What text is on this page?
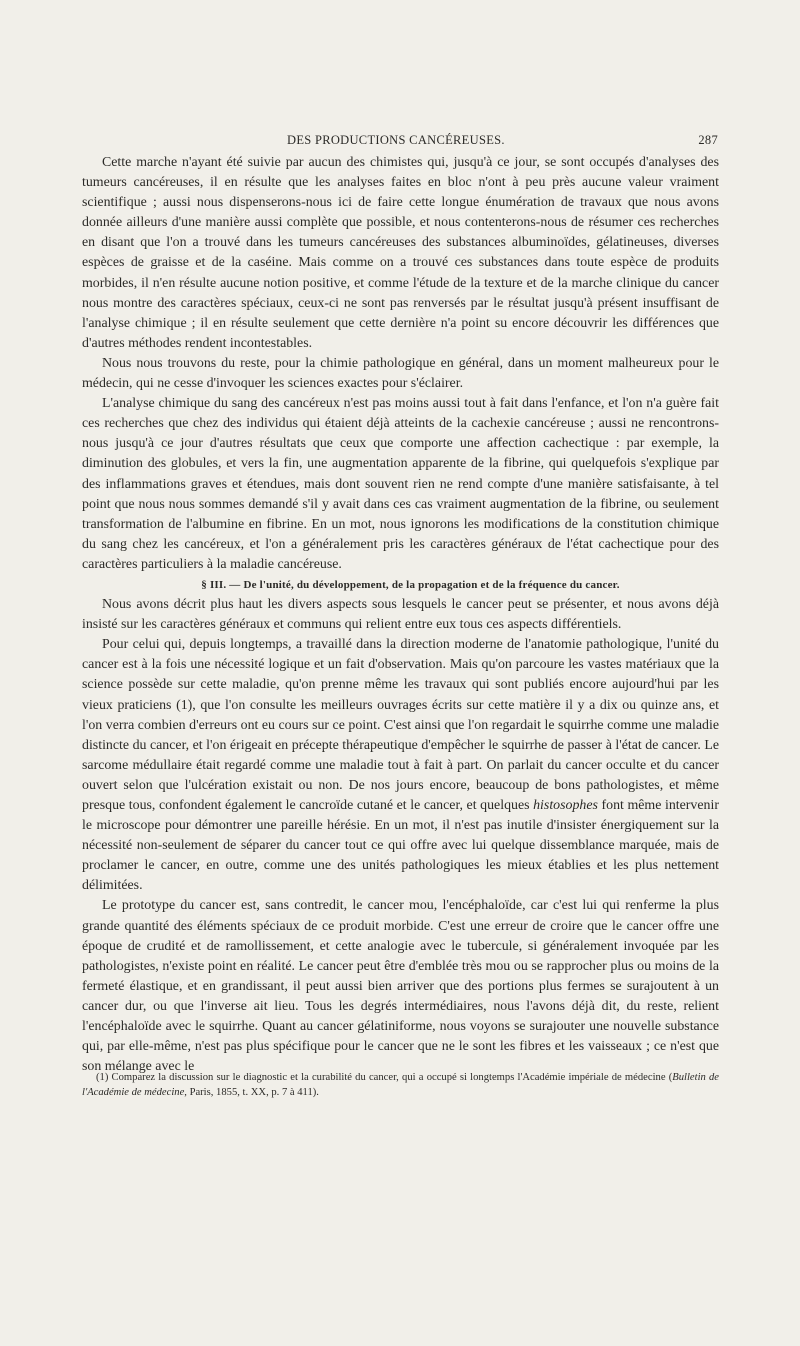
DES PRODUCTIONS CANCÉREUSES.	287

Cette marche n'ayant été suivie par aucun des chimistes qui, jusqu'à ce jour, se sont occupés d'analyses des tumeurs cancéreuses, il en résulte que les analyses faites en bloc n'ont à peu près aucune valeur vraiment scientifique ; aussi nous dispenserons-nous ici de faire cette longue énumération de travaux que nous avons donnée ailleurs d'une manière aussi complète que possible, et nous contenterons-nous de résumer ces recherches en disant que l'on a trouvé dans les tumeurs cancéreuses des substances albuminoïdes, gélatineuses, diverses espèces de graisse et de la caséine. Mais comme on a trouvé ces substances dans toute espèce de produits morbides, il n'en résulte aucune notion positive, et comme l'étude de la texture et de la marche clinique du cancer nous montre des caractères spéciaux, ceux-ci ne sont pas renversés par le résultat jusqu'à présent insuffisant de l'analyse chimique ; il en résulte seulement que cette dernière n'a point su encore découvrir les différences que d'autres méthodes rendent incontestables.

Nous nous trouvons du reste, pour la chimie pathologique en général, dans un moment malheureux pour le médecin, qui ne cesse d'invoquer les sciences exactes pour s'éclairer.

L'analyse chimique du sang des cancéreux n'est pas moins aussi tout à fait dans l'enfance, et l'on n'a guère fait ces recherches que chez des individus qui étaient déjà atteints de la cachexie cancéreuse ; aussi ne rencontrons-nous jusqu'à ce jour d'autres résultats que ceux que comporte une affection cachectique : par exemple, la diminution des globules, et vers la fin, une augmentation apparente de la fibrine, qui quelquefois s'explique par des inflammations graves et étendues, mais dont souvent rien ne rend compte d'une manière satisfaisante, à tel point que nous nous sommes demandé s'il y avait dans ces cas vraiment augmentation de la fibrine, ou seulement transformation de l'albumine en fibrine. En un mot, nous ignorons les modifications de la constitution chimique du sang chez les cancéreux, et l'on a généralement pris les caractères généraux de l'état cachectique pour des caractères particuliers à la maladie cancéreuse.

§ III. — De l'unité, du développement, de la propagation et de la fréquence du cancer.

Nous avons décrit plus haut les divers aspects sous lesquels le cancer peut se présenter, et nous avons déjà insisté sur les caractères généraux et communs qui relient entre eux tous ces aspects différentiels.

Pour celui qui, depuis longtemps, a travaillé dans la direction moderne de l'anatomie pathologique, l'unité du cancer est à la fois une nécessité logique et un fait d'observation. Mais qu'on parcoure les vastes matériaux que la science possède sur cette maladie, qu'on prenne même les travaux qui sont publiés encore aujourd'hui par les vieux praticiens (1), que l'on consulte les meilleurs ouvrages écrits sur cette matière il y a dix ou quinze ans, et l'on verra combien d'erreurs ont eu cours sur ce point. C'est ainsi que l'on regardait le squirrhe comme une maladie distincte du cancer, et l'on érigeait en précepte thérapeutique d'empêcher le squirrhe de passer à l'état de cancer. Le sarcome médullaire était regardé comme une maladie tout à fait à part. On parlait du cancer occulte et du cancer ouvert selon que l'ulcération existait ou non. De nos jours encore, beaucoup de bons pathologistes, et même presque tous, confondent également le cancroïde cutané et le cancer, et quelques histosophes font même intervenir le microscope pour démontrer une pareille hérésie. En un mot, il n'est pas inutile d'insister énergiquement sur la nécessité non-seulement de séparer du cancer tout ce qui offre avec lui quelque dissemblance marquée, mais de proclamer le cancer, en outre, comme une des unités pathologiques les mieux établies et les plus nettement délimitées.

Le prototype du cancer est, sans contredit, le cancer mou, l'encéphaloïde, car c'est lui qui renferme la plus grande quantité des éléments spéciaux de ce produit morbide. C'est une erreur de croire que le cancer offre une époque de crudité et de ramollissement, et cette analogie avec le tubercule, si généralement invoquée par les pathologistes, n'existe point en réalité. Le cancer peut être d'emblée très mou ou se rapprocher plus ou moins de la fermeté élastique, et en grandissant, il peut aussi bien arriver que des portions plus fermes se surajoutent à un cancer dur, ou que l'inverse ait lieu. Tous les degrés intermédiaires, nous l'avons déjà dit, du reste, relient l'encéphaloïde avec le squirrhe. Quant au cancer gélatiniforme, nous voyons se surajouter une nouvelle substance qui, par elle-même, n'est pas plus spécifique pour le cancer que ne le sont les fibres et les vaisseaux ; ce n'est que son mélange avec le

(1) Comparez la discussion sur le diagnostic et la curabilité du cancer, qui a occupé si longtemps l'Académie impériale de médecine (Bulletin de l'Académie de médecine, Paris, 1855, t. XX, p. 7 à 411).
